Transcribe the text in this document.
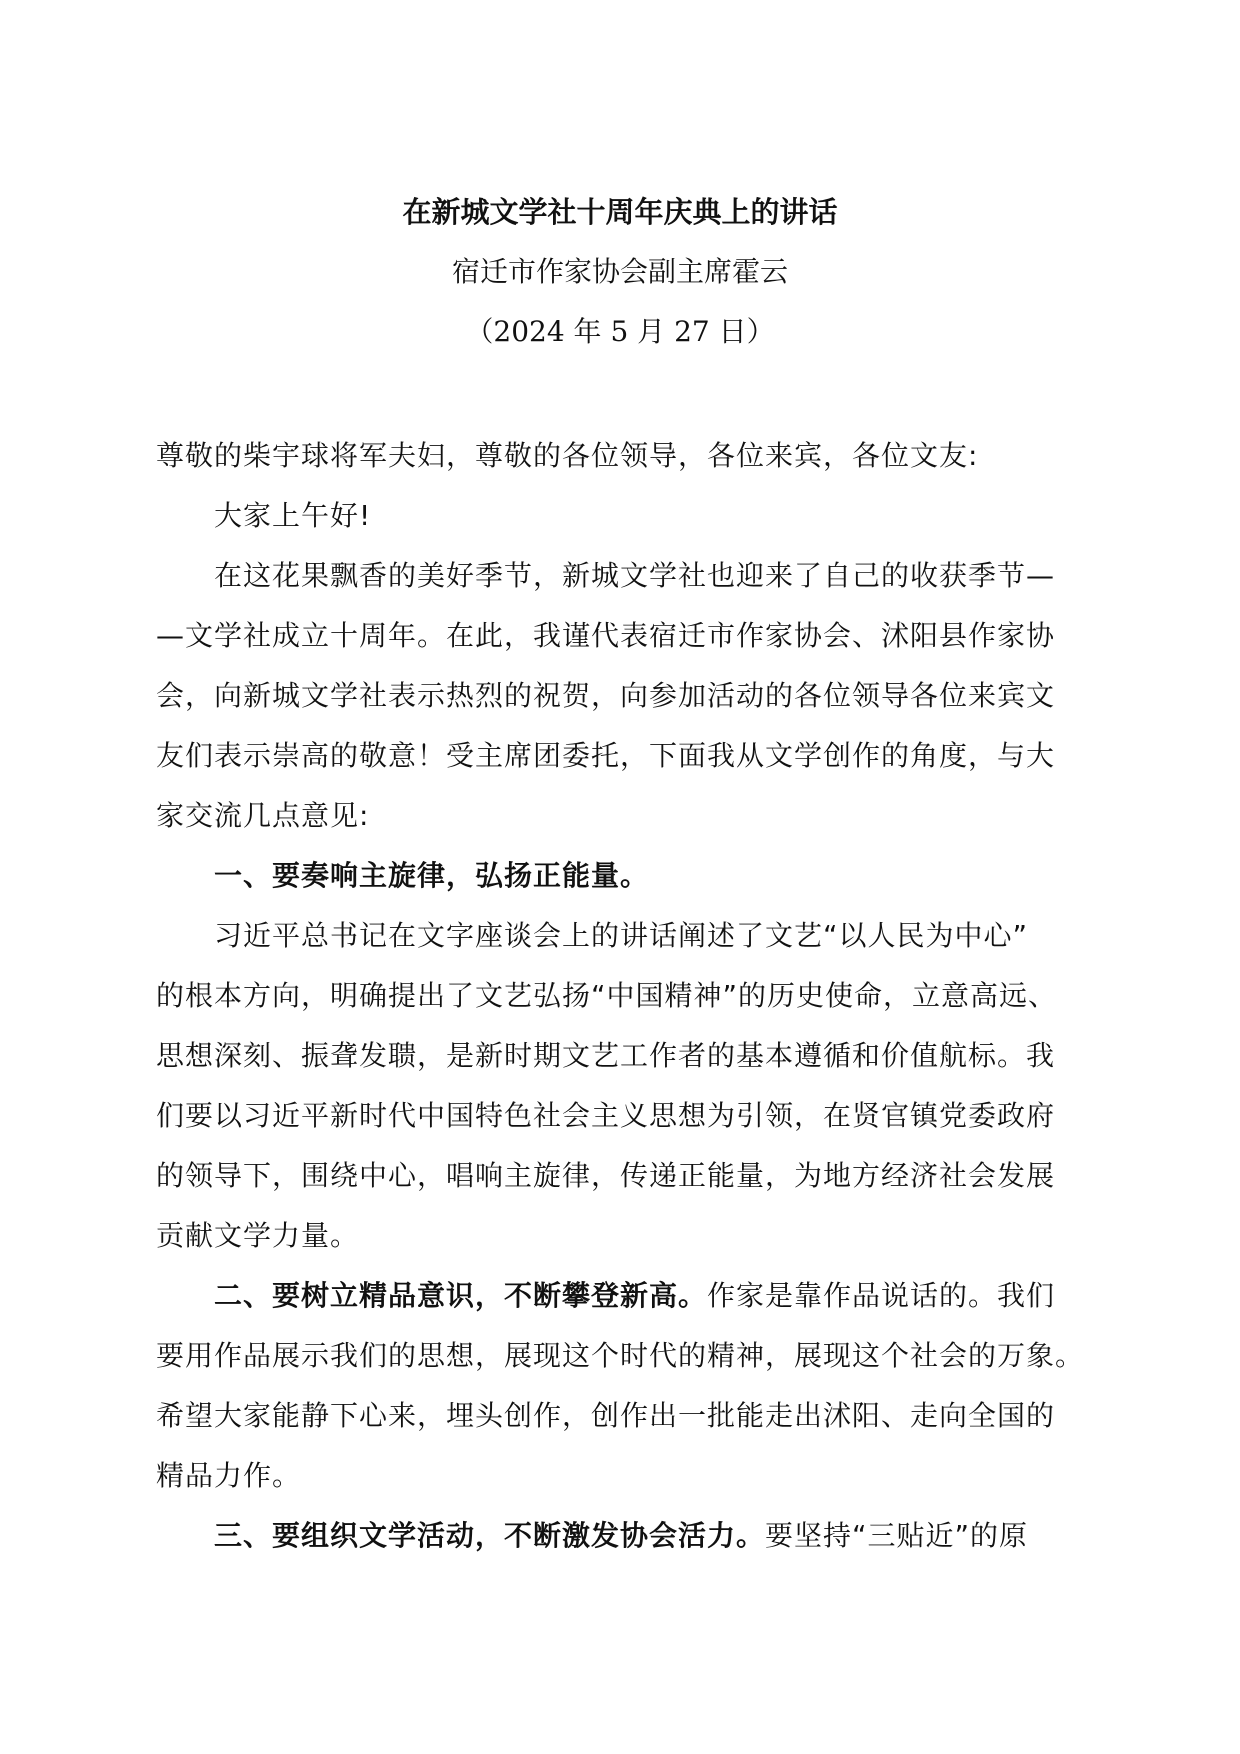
在新城文学社十周年庆典上的讲话
宿迁市作家协会副主席霍云
（2024 年 5 月 27 日）
尊敬的柴宇球将军夫妇，尊敬的各位领导，各位来宾，各位文友:
大家上午好!
在这花果飘香的美好季节，新城文学社也迎来了自己的收获季节—
—文学社成立十周年。在此，我谨代表宿迁市作家协会、沭阳县作家协
会，向新城文学社表示热烈的祝贺，向参加活动的各位领导各位来宾文
友们表示崇高的敬意！受主席团委托，下面我从文学创作的角度，与大
家交流几点意见:
一、要奏响主旋律，弘扬正能量。
习近平总书记在文字座谈会上的讲话阐述了文艺“以人民为中心”
的根本方向，明确提出了文艺弘扬“中国精神”的历史使命，立意高远、
思想深刻、振聋发聩，是新时期文艺工作者的基本遵循和价值航标。我
们要以习近平新时代中国特色社会主义思想为引领，在贤官镇党委政府
的领导下，围绕中心，唱响主旋律，传递正能量，为地方经济社会发展
贡献文学力量。
二、要树立精品意识，不断攀登新高。作家是靠作品说话的。我们
要用作品展示我们的思想，展现这个时代的精神，展现这个社会的万象。
希望大家能静下心来，埋头创作，创作出一批能走出沭阳、走向全国的
精品力作。
三、要组织文学活动，不断激发协会活力。要坚持“三贴近”的原
